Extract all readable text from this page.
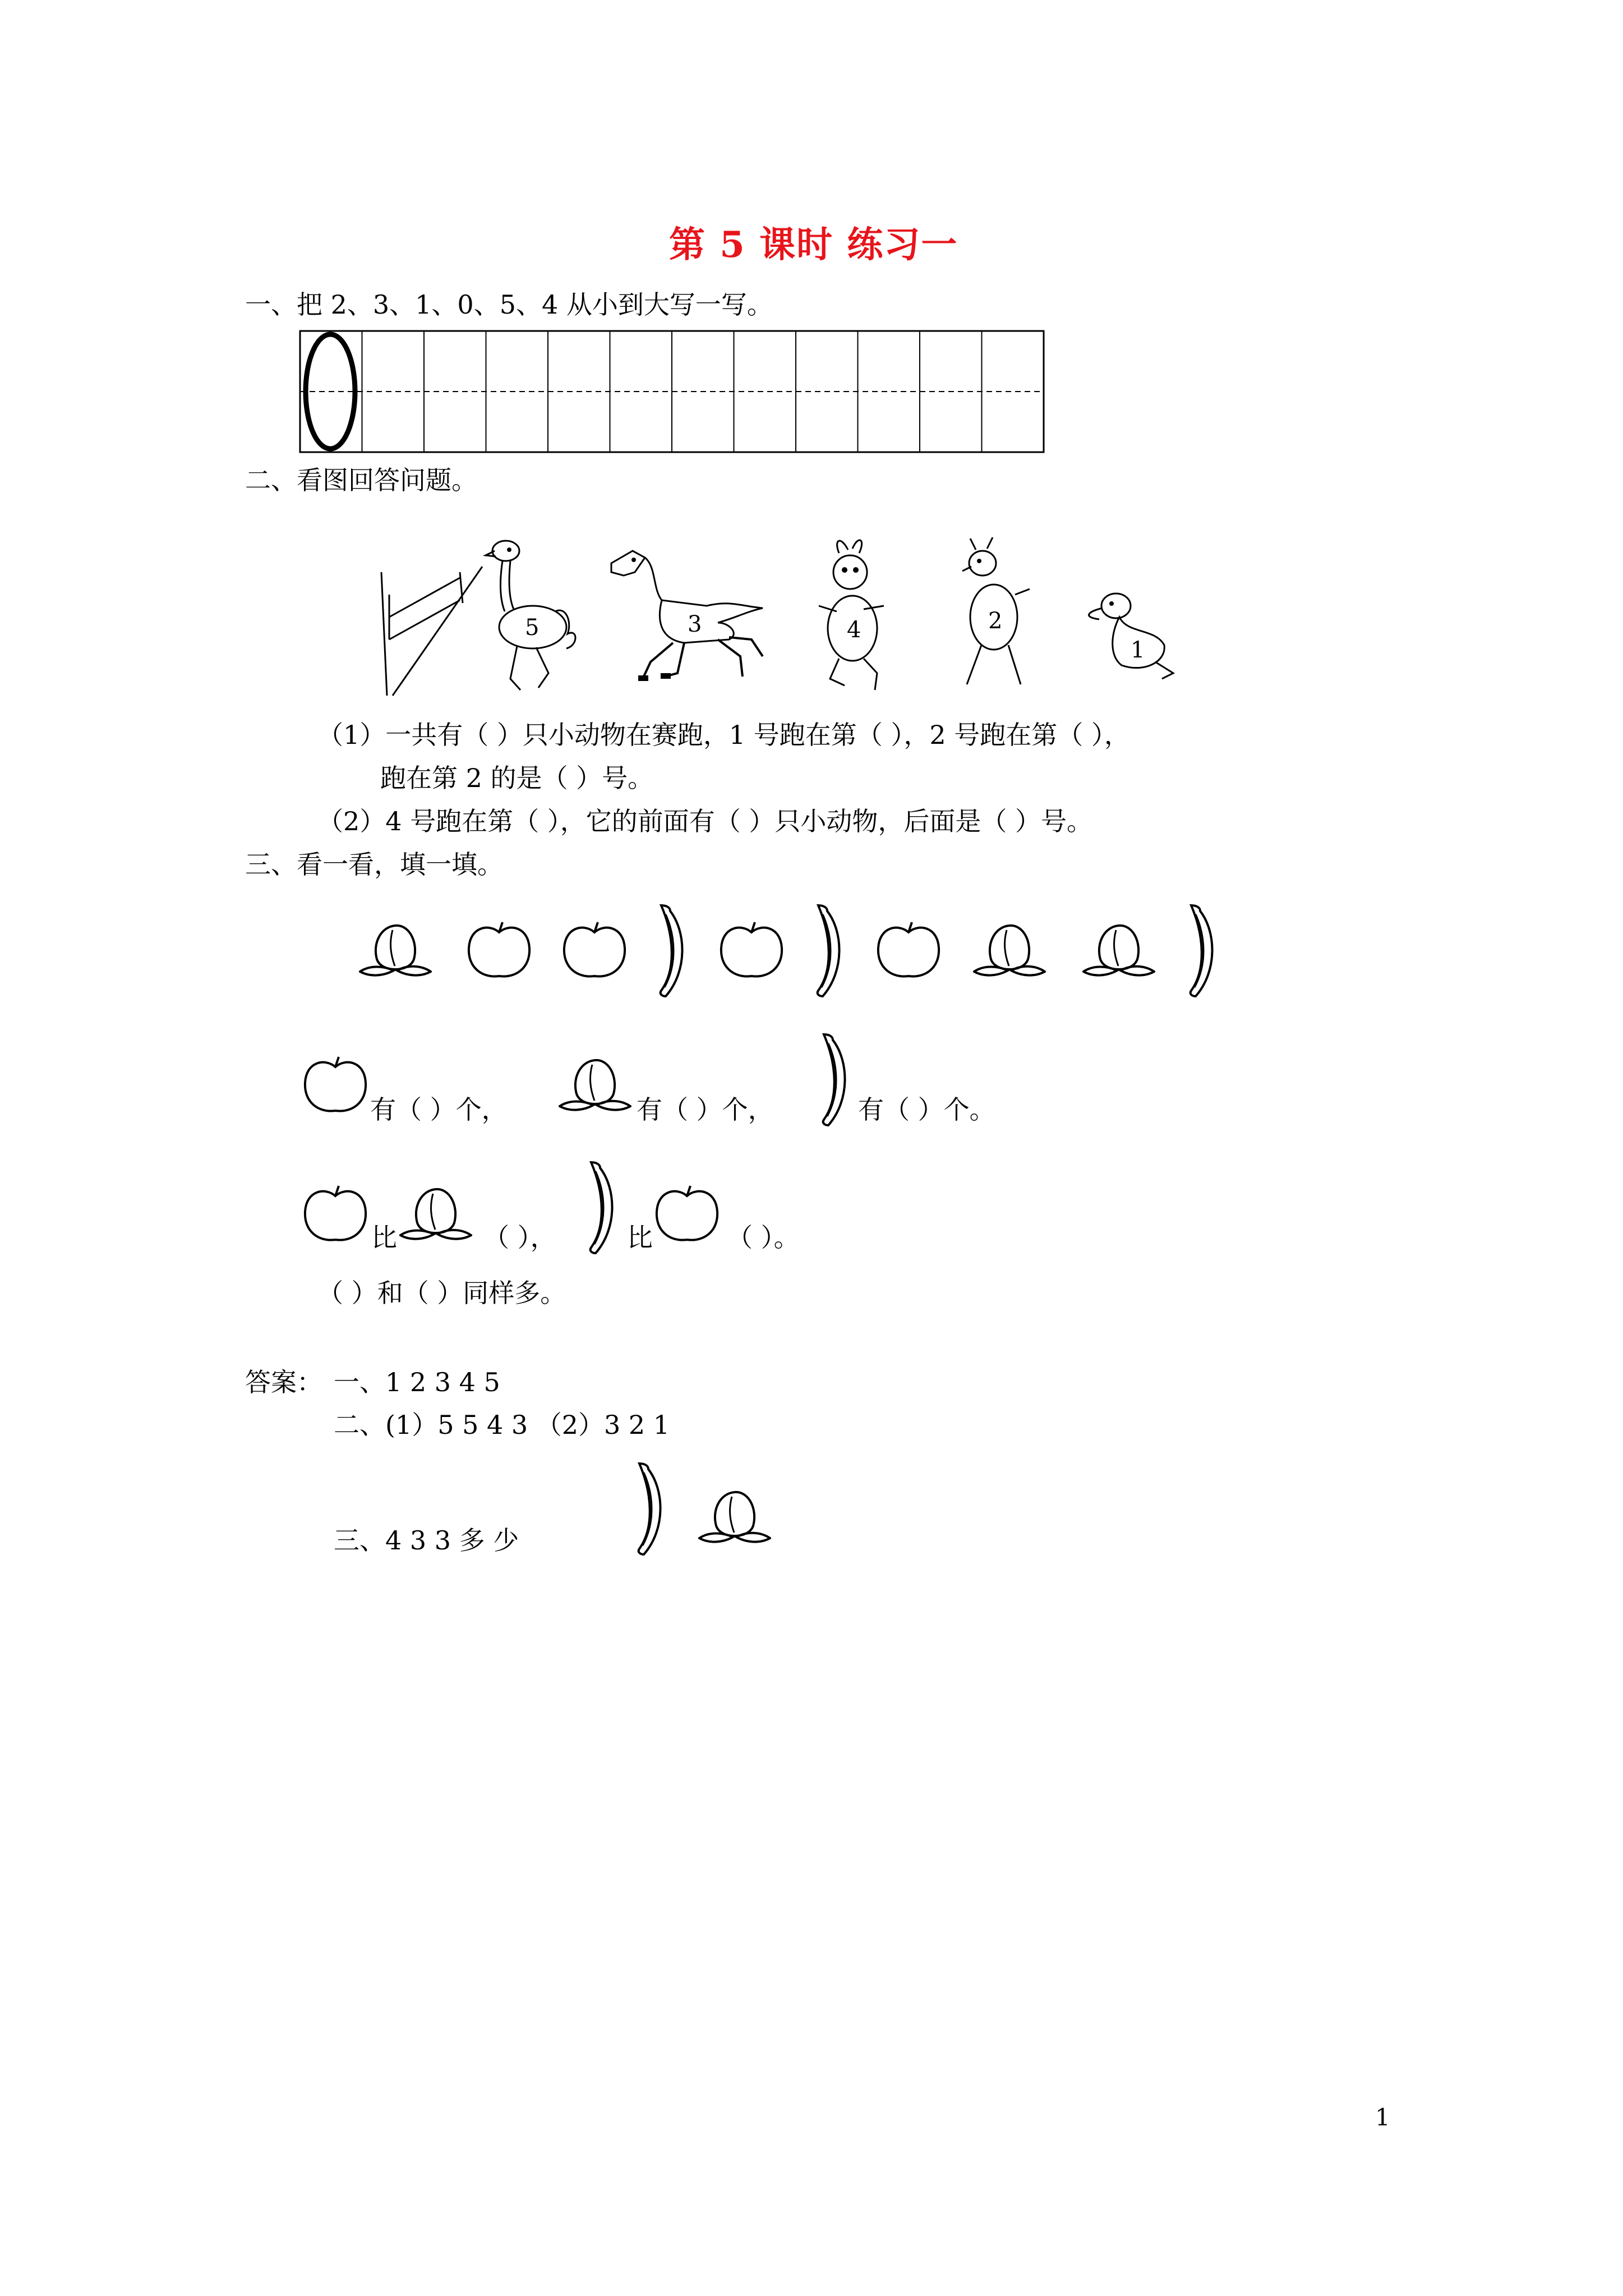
第 5 课时 练习一
一、把 2、3、1、0、5、4 从小到大写一写。
二、看图回答问题。
5	3	4	2
1
（1）一共有（ ）只小动物在赛跑，1 号跑在第（ ），2 号跑在第（ ），
跑在第 2 的是（ ）号。
（2）4 号跑在第（ ），它的前面有（ ）只小动物，后面是（ ）号。
三、看一看，填一填。
有（ ）个，	有（ ）个，	有（ ）个。
比	（ ），	比	（ ）。
（ ）和（ ）同样多。
答案： 一、1 2 3 4 5
二、(1）5 5 4 3 （2）3 2 1
三、4 3 3 多 少
1
